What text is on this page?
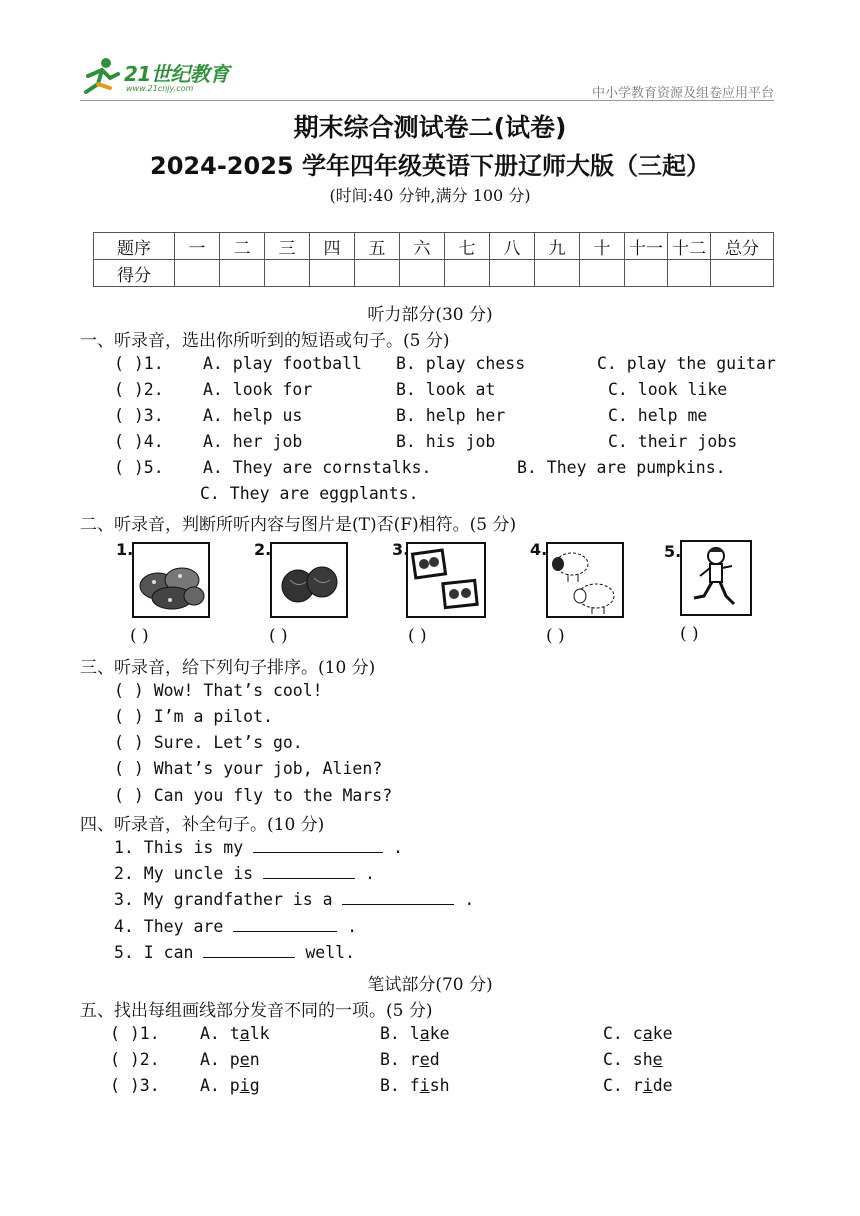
21世纪教育
www.21cnjy.com	中小学教育资源及组卷应用平台
期末综合测试卷二(试卷)
2024-2025 学年四年级英语下册辽师大版（三起）
(时间:40 分钟,满分 100 分)
题序	一	二	三	四	五	六	七	八	九	十	十一	十二	总分
得分													
听力部分(30 分)
一、听录音，选出你所听到的短语或句子。(5 分)
( )1. A. play football B. play chess	C. play the guitar
( )2. A. look for	B. look at	C. look like
( )3. A. help us	B. help her	C. help me
( )4. A. her job	B. his job	C. their jobs
( )5. A. They are cornstalks.	B. They are pumpkins.
C. They are eggplants.
二、听录音，判断所听内容与图片是(T)否(F)相符。(5 分)
1.
( )
2.
( )
3.
( )
4.
( )
5.
( )
三、听录音，给下列句子排序。(10 分)
( ) Wow! That’s cool!
( ) I’m a pilot.
( ) Sure. Let’s go.
( ) What’s your job, Alien?
( ) Can you fly to the Mars?
四、听录音，补全句子。(10 分)
1. This is my	.
2. My uncle is	.
3. My grandfather is a	.
4. They are	.
5. I can	well.
笔试部分(70 分)
五、找出每组画线部分发音不同的一项。(5 分)
( )1. A. talk	B. lake	C. cake
( )2. A. pen	B. red	C. she
( )3. A. pig	B. fish	C. ride
